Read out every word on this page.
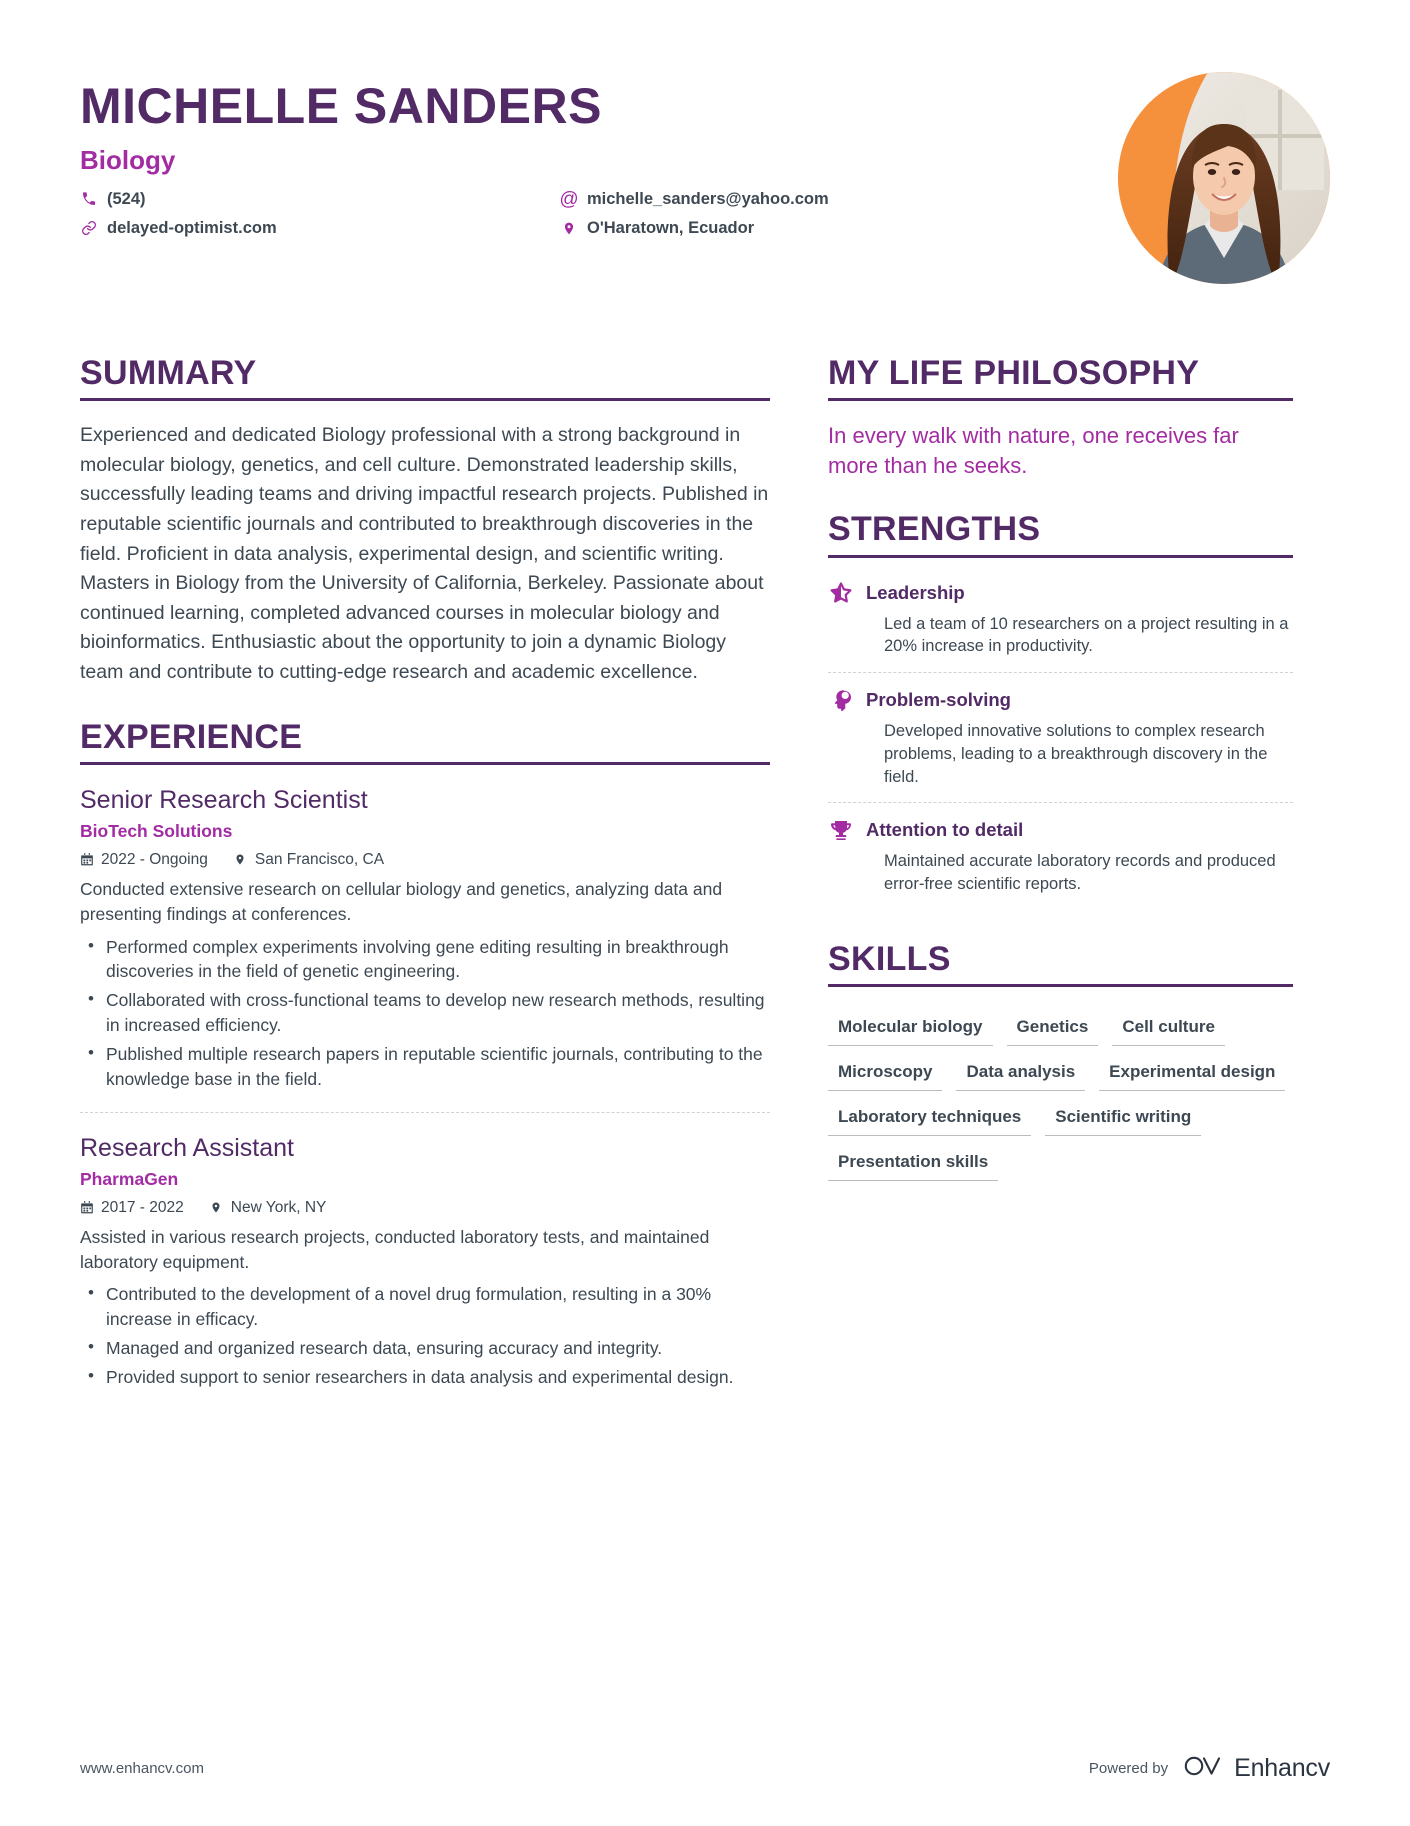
MICHELLE SANDERS
Biology
(524)	@ michelle_sanders@yahoo.com
delayed-optimist.com	O'Haratown, Ecuador
SUMMARY
Experienced and dedicated Biology professional with a strong background in molecular biology, genetics, and cell culture. Demonstrated leadership skills, successfully leading teams and driving impactful research projects. Published in reputable scientific journals and contributed to breakthrough discoveries in the field. Proficient in data analysis, experimental design, and scientific writing. Masters in Biology from the University of California, Berkeley. Passionate about continued learning, completed advanced courses in molecular biology and bioinformatics. Enthusiastic about the opportunity to join a dynamic Biology team and contribute to cutting-edge research and academic excellence.
EXPERIENCE
Senior Research Scientist
BioTech Solutions
2022 - Ongoing	San Francisco, CA
Conducted extensive research on cellular biology and genetics, analyzing data and presenting findings at conferences.
• Performed complex experiments involving gene editing resulting in breakthrough discoveries in the field of genetic engineering.
• Collaborated with cross-functional teams to develop new research methods, resulting in increased efficiency.
• Published multiple research papers in reputable scientific journals, contributing to the knowledge base in the field.
Research Assistant
PharmaGen
2017 - 2022	New York, NY
Assisted in various research projects, conducted laboratory tests, and maintained laboratory equipment.
• Contributed to the development of a novel drug formulation, resulting in a 30% increase in efficacy.
• Managed and organized research data, ensuring accuracy and integrity.
• Provided support to senior researchers in data analysis and experimental design.
MY LIFE PHILOSOPHY
In every walk with nature, one receives far more than he seeks.
STRENGTHS
Leadership
Led a team of 10 researchers on a project resulting in a 20% increase in productivity.
Problem-solving
Developed innovative solutions to complex research problems, leading to a breakthrough discovery in the field.
Attention to detail
Maintained accurate laboratory records and produced error-free scientific reports.
SKILLS
Molecular biology	Genetics	Cell culture
Microscopy	Data analysis	Experimental design
Laboratory techniques	Scientific writing
Presentation skills
www.enhancv.com	Powered by	Enhancv
